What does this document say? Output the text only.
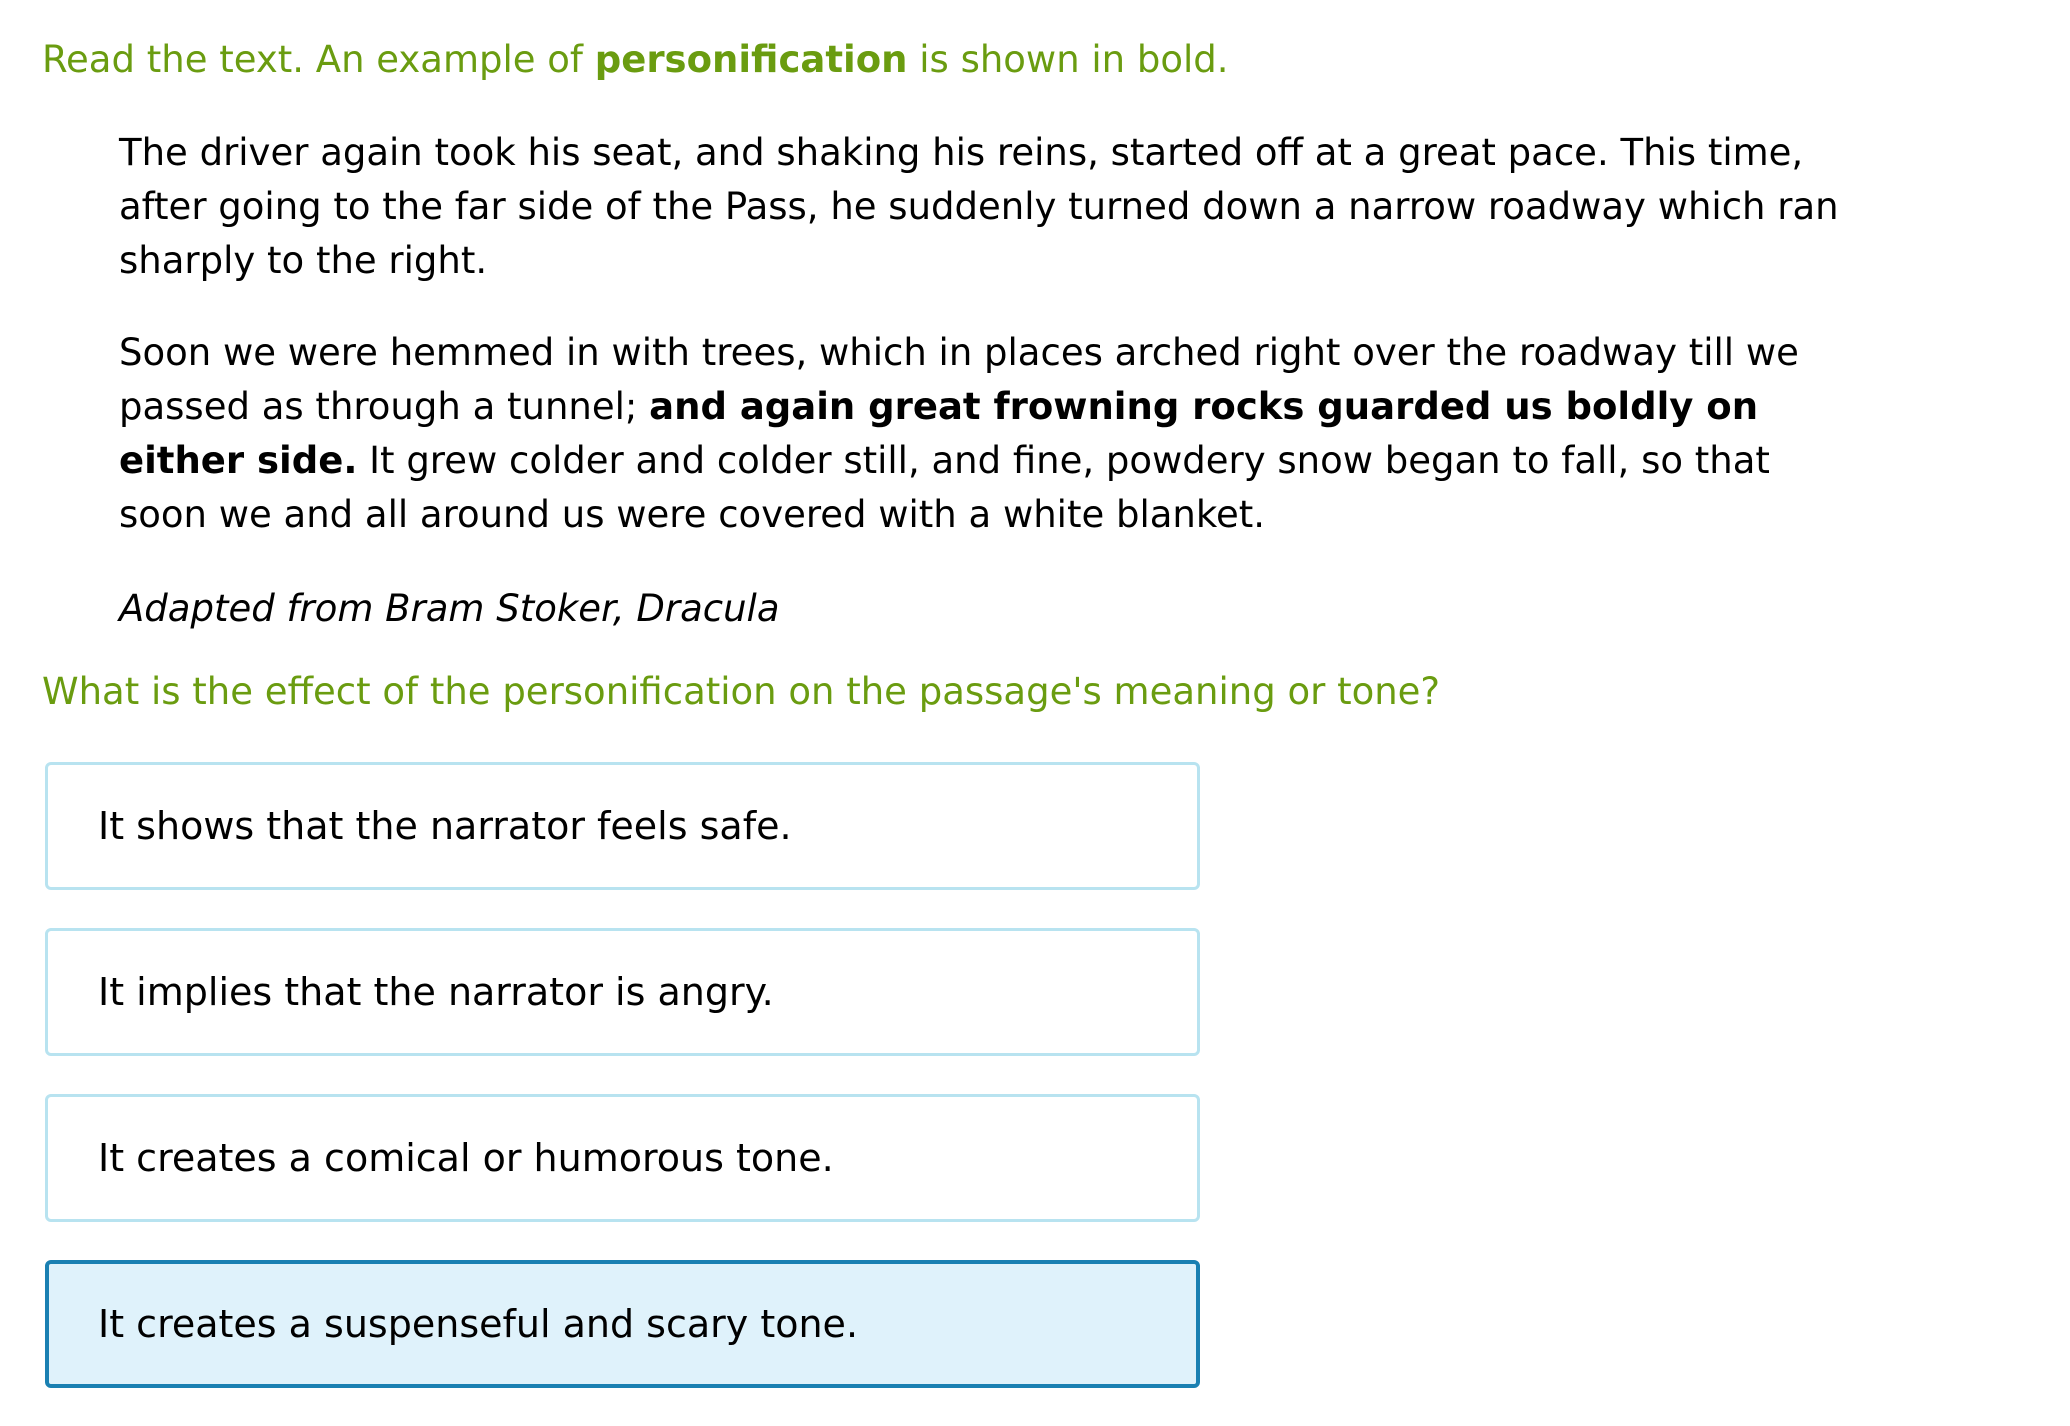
Read the text. An example of personification is shown in bold.

The driver again took his seat, and shaking his reins, started off at a great pace. This time, after going to the far side of the Pass, he suddenly turned down a narrow roadway which ran sharply to the right.

Soon we were hemmed in with trees, which in places arched right over the roadway till we passed as through a tunnel; and again great frowning rocks guarded us boldly on either side. It grew colder and colder still, and fine, powdery snow began to fall, so that soon we and all around us were covered with a white blanket.

Adapted from Bram Stoker, Dracula

What is the effect of the personification on the passage's meaning or tone?

It shows that the narrator feels safe.
It implies that the narrator is angry.
It creates a comical or humorous tone.
It creates a suspenseful and scary tone.
